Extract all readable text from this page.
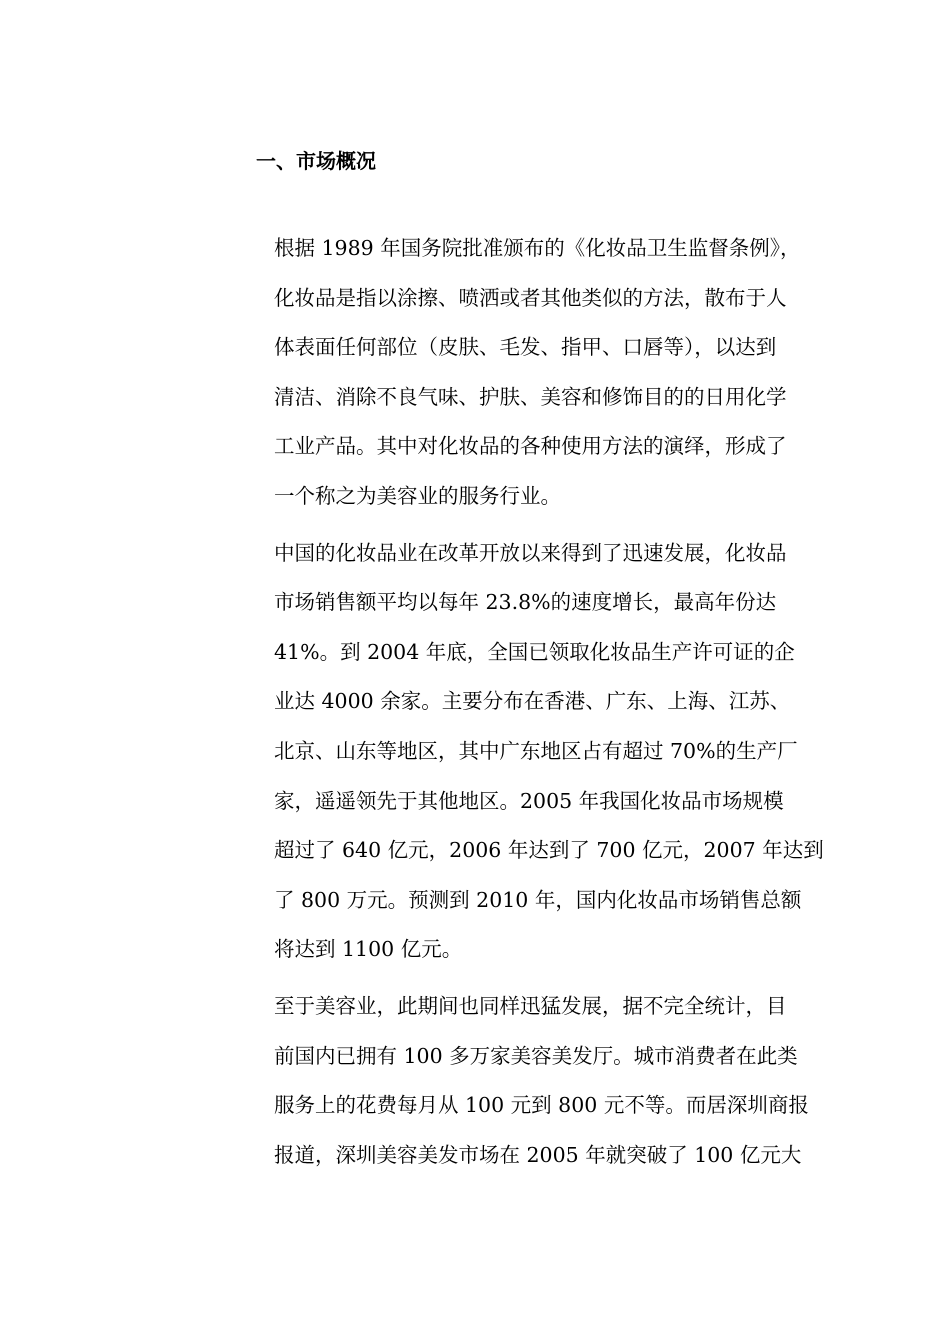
一、市场概况
根据 1989 年国务院批准颁布的《化妆品卫生监督条例》，
化妆品是指以涂擦、喷洒或者其他类似的方法，散布于人
体表面任何部位（皮肤、毛发、指甲、口唇等），以达到
清洁、消除不良气味、护肤、美容和修饰目的的日用化学
工业产品。其中对化妆品的各种使用方法的演绎，形成了
一个称之为美容业的服务行业。
中国的化妆品业在改革开放以来得到了迅速发展，化妆品
市场销售额平均以每年 23.8%的速度增长，最高年份达
41%。到 2004 年底，全国已领取化妆品生产许可证的企
业达 4000 余家。主要分布在香港、广东、上海、江苏、
北京、山东等地区，其中广东地区占有超过 70%的生产厂
家，遥遥领先于其他地区。2005 年我国化妆品市场规模
超过了 640 亿元，2006 年达到了 700 亿元，2007 年达到
了 800 万元。预测到 2010 年，国内化妆品市场销售总额
将达到 1100 亿元。
至于美容业，此期间也同样迅猛发展，据不完全统计，目
前国内已拥有 100 多万家美容美发厅。城市消费者在此类
服务上的花费每月从 100 元到 800 元不等。而居深圳商报
报道，深圳美容美发市场在 2005 年就突破了 100 亿元大
